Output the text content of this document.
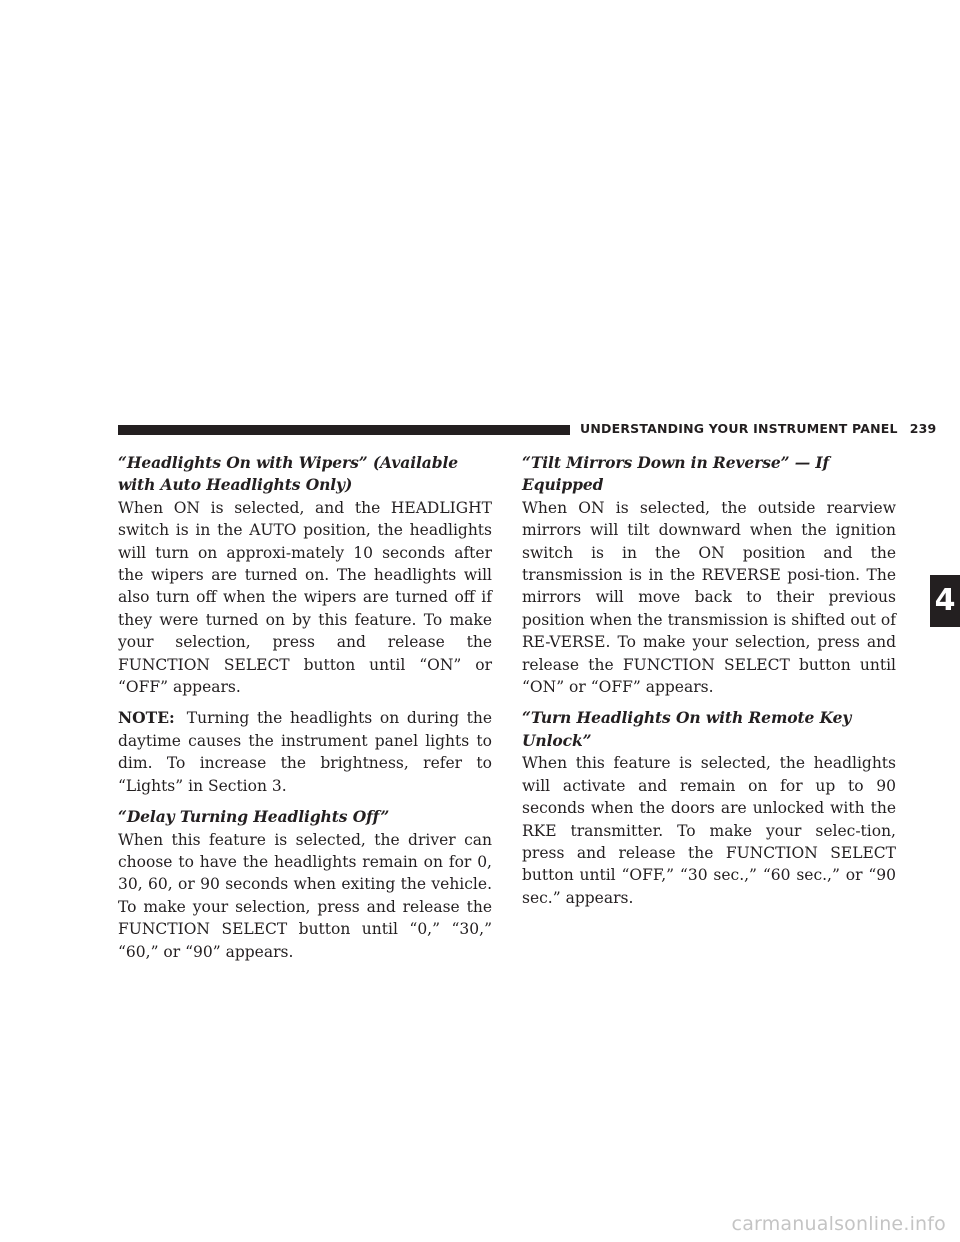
UNDERSTANDING YOUR INSTRUMENT PANEL 239

“Headlights On with Wipers” (Available with Auto Headlights Only)

When ON is selected, and the HEADLIGHT switch is in the AUTO position, the headlights will turn on approxi-mately 10 seconds after the wipers are turned on. The headlights will also turn off when the wipers are turned off if they were turned on by this feature. To make your selection, press and release the FUNCTION SELECT button until “ON” or “OFF” appears.

NOTE: Turning the headlights on during the daytime causes the instrument panel lights to dim. To increase the brightness, refer to “Lights” in Section 3.

“Delay Turning Headlights Off”

When this feature is selected, the driver can choose to have the headlights remain on for 0, 30, 60, or 90 seconds when exiting the vehicle. To make your selection, press and release the FUNCTION SELECT button until “0,” “30,” “60,” or “90” appears.

“Tilt Mirrors Down in Reverse” — If Equipped

When ON is selected, the outside rearview mirrors will tilt downward when the ignition switch is in the ON position and the transmission is in the REVERSE posi-tion. The mirrors will move back to their previous position when the transmission is shifted out of RE-VERSE. To make your selection, press and release the FUNCTION SELECT button until “ON” or “OFF” appears.

“Turn Headlights On with Remote Key Unlock”

When this feature is selected, the headlights will activate and remain on for up to 90 seconds when the doors are unlocked with the RKE transmitter. To make your selec-tion, press and release the FUNCTION SELECT button until “OFF,” “30 sec.,” “60 sec.,” or “90 sec.” appears.

4
carmanualsonline.info
